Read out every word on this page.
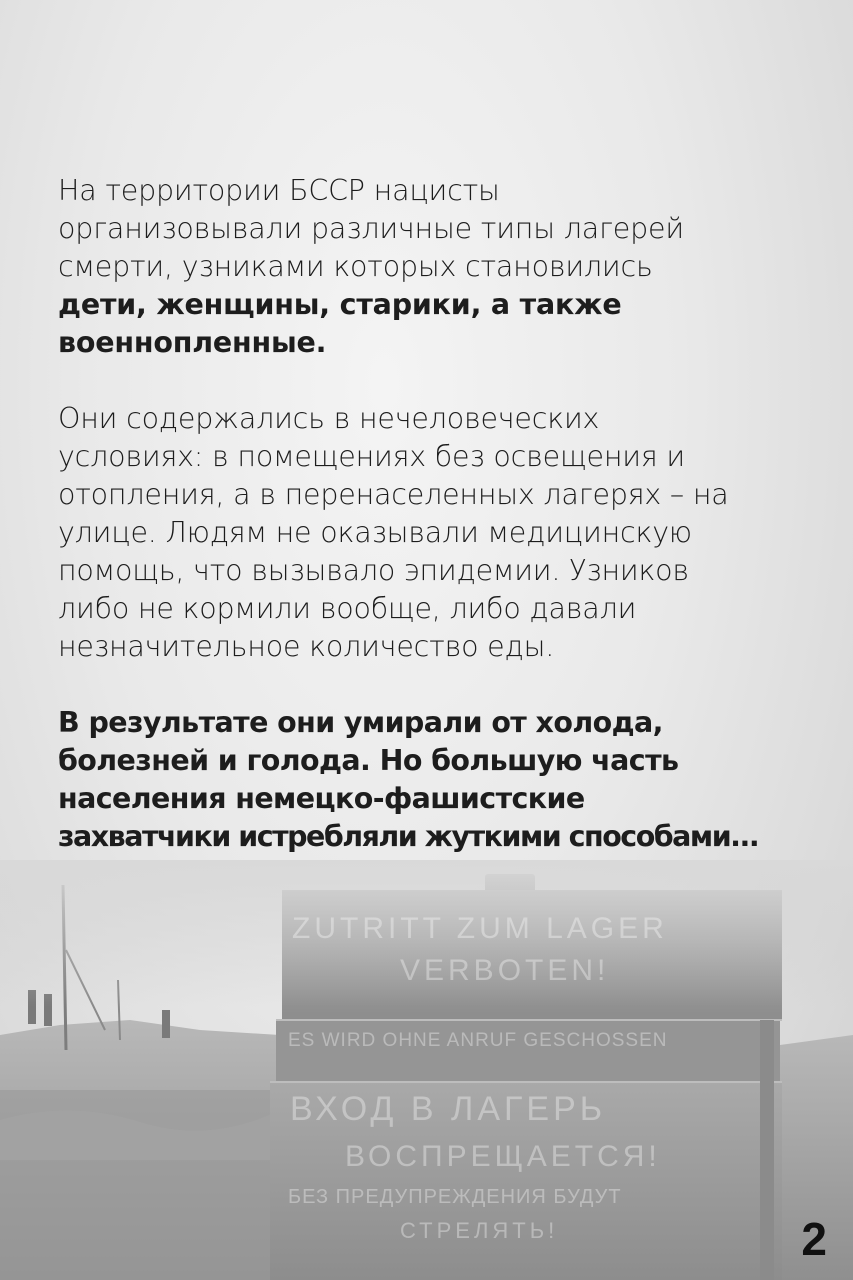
На территории БССР нацисты
организовывали различные типы лагерей
смерти, узниками которых становились
дети, женщины, старики, а также
военнопленные.

Они содержались в нечеловеческих
условиях: в помещениях без освещения и
отопления, а в перенаселенных лагерях – на
улице. Людям не оказывали медицинскую
помощь, что вызывало эпидемии. Узников
либо не кормили вообще, либо давали
незначительное количество еды.

В результате они умирали от холода,
болезней и голода. Но большую часть
населения немецко-фашистские
захватчики истребляли жуткими способами...

ZUTRITT ZUM LAGER
VERBOTEN!
ES WIRD OHNE ANRUF GESCHOSSEN
ВХОД В ЛАГЕРЬ
ВОСПРЕЩАЕТСЯ!
БЕЗ ПРЕДУПРЕЖДЕНИЯ БУДУТ
СТРЕЛЯТЬ!	2
